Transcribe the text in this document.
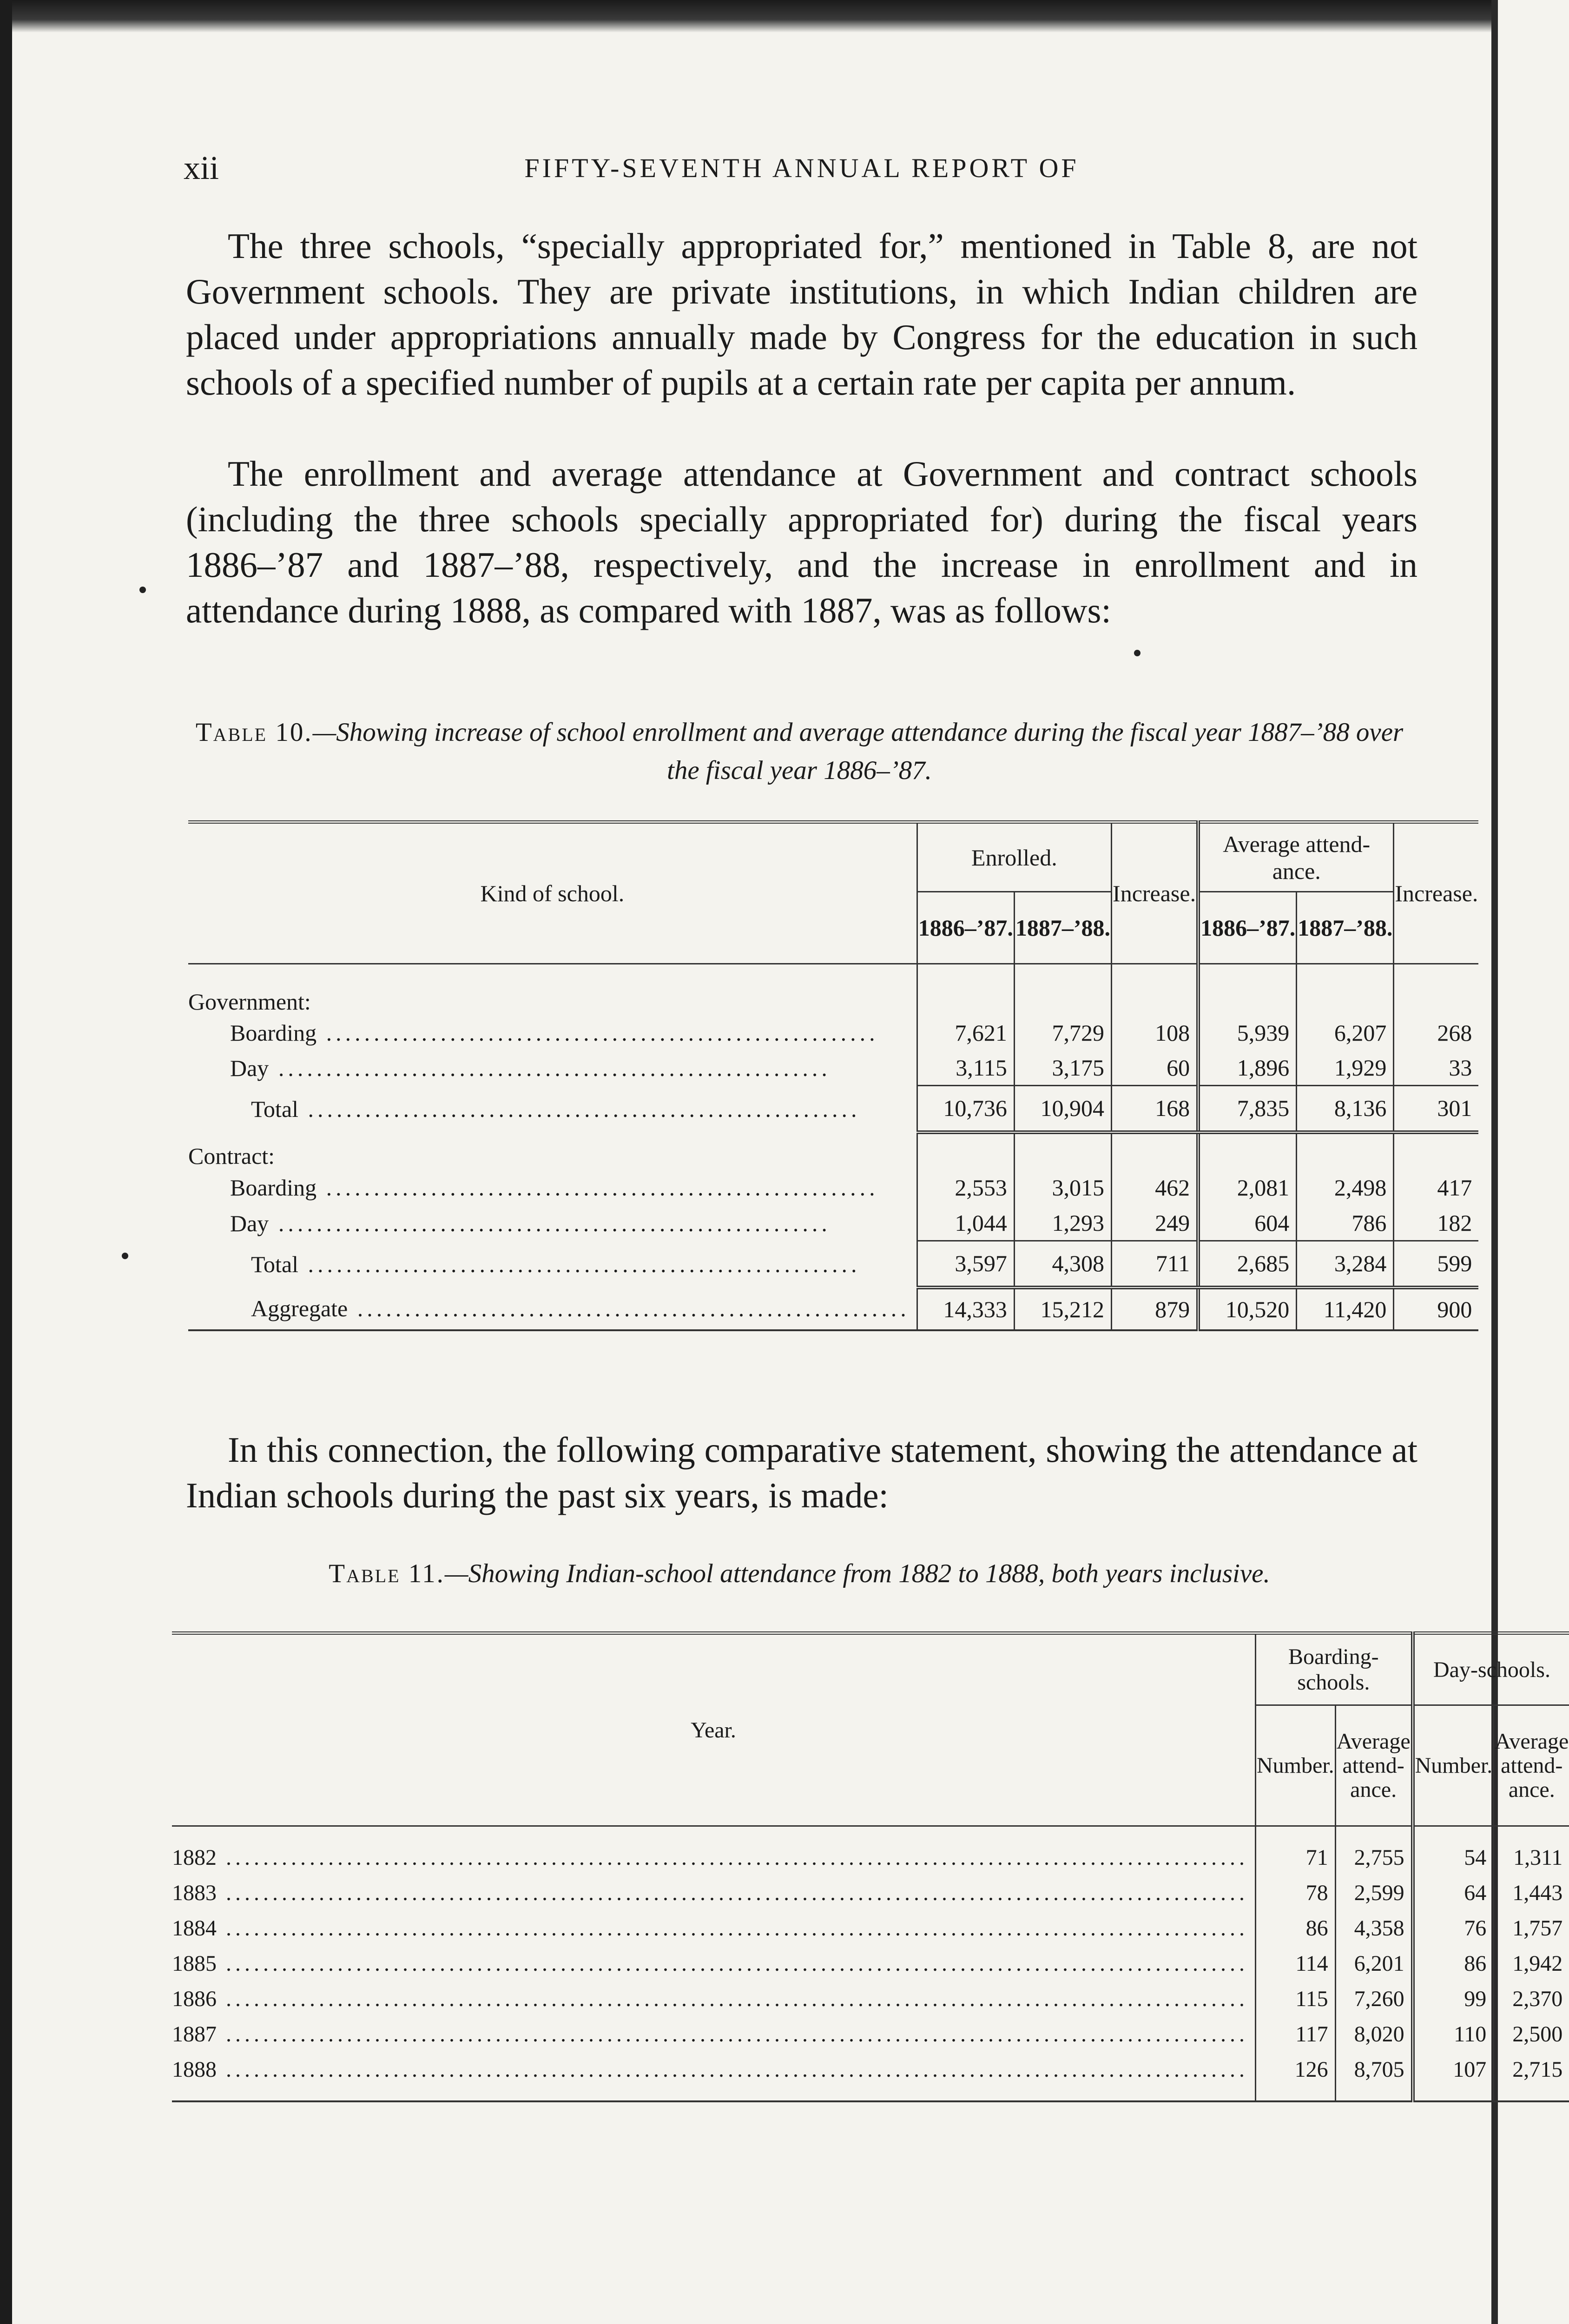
xii	FIFTY-SEVENTH ANNUAL REPORT OF

The three schools, “specially appropriated for,” mentioned in Table 8, are not Government schools. They are private institutions, in which Indian children are placed under appropriations annually made by Congress for the education in such schools of a specified number of pupils at a certain rate per capita per annum.

The enrollment and average attendance at Government and contract schools (including the three schools specially appropriated for) during the fiscal years 1886–’87 and 1887–’88, respectively, and the increase in enrollment and in attendance during 1888, as compared with 1887, was as follows:

Table 10.—Showing increase of school enrollment and average attendance during the fiscal year 1887–’88 over the fiscal year 1886–’87.

Kind of school.	Enrolled.		Increase.	Average attend- ance.		Increase.
	1886–’87.	1887–’88.		1886–’87.	1887–’88.	
Government:						
Boarding ..........................................................	7,621	7,729	108	5,939	6,207	268
Day ..........................................................	3,115	3,175	60	1,896	1,929	33
Total ..........................................................	10,736	10,904	168	7,835	8,136	301
Contract:						
Boarding ..........................................................	2,553	3,015	462	2,081	2,498	417
Day ..........................................................	1,044	1,293	249	604	786	182
Total ..........................................................	3,597	4,308	711	2,685	3,284	599
Aggregate ..........................................................	14,333	15,212	879	10,520	11,420	900

In this connection, the following comparative statement, showing the attendance at Indian schools during the past six years, is made:

Table 11.—Showing Indian-school attendance from 1882 to 1888, both years inclusive.

Year.	Boarding-schools.		Day-schools.	
	Number.	Average attend- ance.	Number.	Average attend- ance.

1882 ..............................................................................................................	71	2,755	54	1,311
1883 ..............................................................................................................	78	2,599	64	1,443
1884 ..............................................................................................................	86	4,358	76	1,757
1885 ..............................................................................................................	114	6,201	86	1,942
1886 ..............................................................................................................	115	7,260	99	2,370
1887 ..............................................................................................................	117	8,020	110	2,500
1888 ..............................................................................................................	126	8,705	107	2,715
